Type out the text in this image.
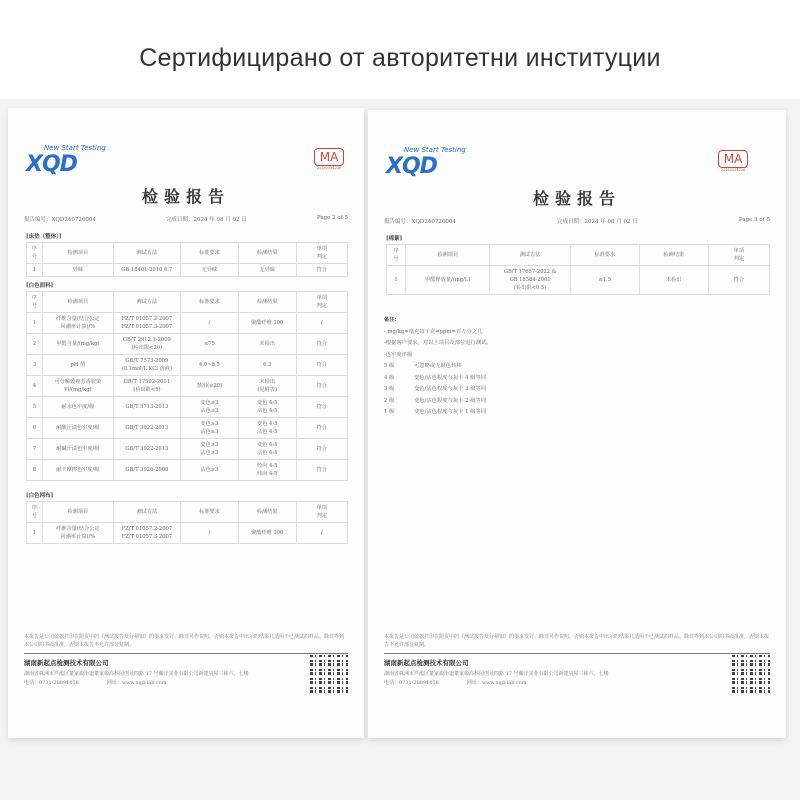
Сертифицирано от авторитетни институции
New Start Testing
XQD	MA
22180534236
检验报告
报告编号：XQD240726004	完成日期：2024 年 08 月 02 日	Page 2 of 5
[床垫（整体）]
序
号	检测项目	测试方法	标准要求	检测结果	单项
判定
1	异味	GB 18401-2010 6.7	无异味	无异味	符合
[白色面料]
序
号	检测项目	测试方法	标准要求	检测结果	单项
判定
1	纤维含量(结合公定
回潮率计算)/%	FZ/T 01057.2-2007
FZ/T 01057.3-2007	/	聚酯纤维 100	/
2	甲醛含量/(mg/kg)	GB/T 2912.1-2009
(检出限<20)	≤75	未检出	符合
3	pH 值	GB/T 7573-2009
(0.1mol/L KCl 溶液)	4.0~8.5	6.3	符合
4	可分解致癌芳香胺染
料/(mg/kg)	GB/T 17592-2011
(检出限<5)	禁用(≤20)	未检出
(见附表)	符合
5	耐水色牢度/级	GB/T 5713-2013	变色≥3
沾色≥3	变色 4-5
沾色 4-5	符合
6	耐酸汗渍色牢度/级	GB/T 3922-2013	变色≥3
沾色≥3	变色 4-5
沾色 4-5	符合
7	耐碱汗渍色牢度/级	GB/T 3922-2013	变色≥3
沾色≥3	变色 4-5
沾色 4-5	符合
8	耐干摩擦色牢度/级	GB/T 3920-2008	沾色≥3	经向 4-5
纬向 4-5	符合
[白色网布]
序
号	检测项目	测试方法	标准要求	检测结果	单项
判定
1	纤维含量(结合公定
回潮率计算)/%	FZ/T 01057.2-2007
FZ/T 01057.3-2007	/	聚酯纤维 100	/
本报告是公司依据打印在附页中的《测试报告发行须知》的要求发行。除非另作说明，否则本报告中出示的结果只适用于已测试的样品。除非得到本公司的书面批准，否则本报告不允许部分复制。
湖南新起点检测技术有限公司
湖南省株洲市芦淞区董家塅街道董家塅高科园创业四路 17 号瀚洋实业有限公司新建房屋三栋六、七楼
电话：0731-28891058	网址：www.xqd-lab.com
New Start Testing
XQD	MA
22180534236
检验报告
报告编号：XQD240726004	完成日期：2024 年 08 月 02 日	Page 3 of 5
[棉絮]
序
号	检测项目	测试方法	标准要求	检测结果	单项
判定
1	甲醛释放量/(mg/L)	GB/T 17657-2022 &
GB 18584-2001
(检出限<0.5)	≤1.5	未检出	符合
备注:
- mg/kg=毫克每千克=ppm=百万分之几
-根据客户要求，对以上项目及部位进行测试。
-色牢度评级
5 级	可忽略或无颜色转移
4 级	变色/沾色程度与灰卡 4 级等同
3 级	变色/沾色程度与灰卡 3 级等同
2 级	变色/沾色程度与灰卡 2 级等同
1 级	变色/沾色程度与灰卡 1 级等同
本报告是公司依据打印在附页中的《测试报告发行须知》的要求发行。除非另作说明，否则本报告中出示的结果只适用于已测试的样品。除非得到本公司的书面批准，否则本报告不允许部分复制。
湖南新起点检测技术有限公司
湖南省株洲市芦淞区董家塅街道董家塅高科园创业四路 17 号瀚洋实业有限公司新建房屋三栋六、七楼
电话：0731-28891058	网址：www.xqd-lab.com
